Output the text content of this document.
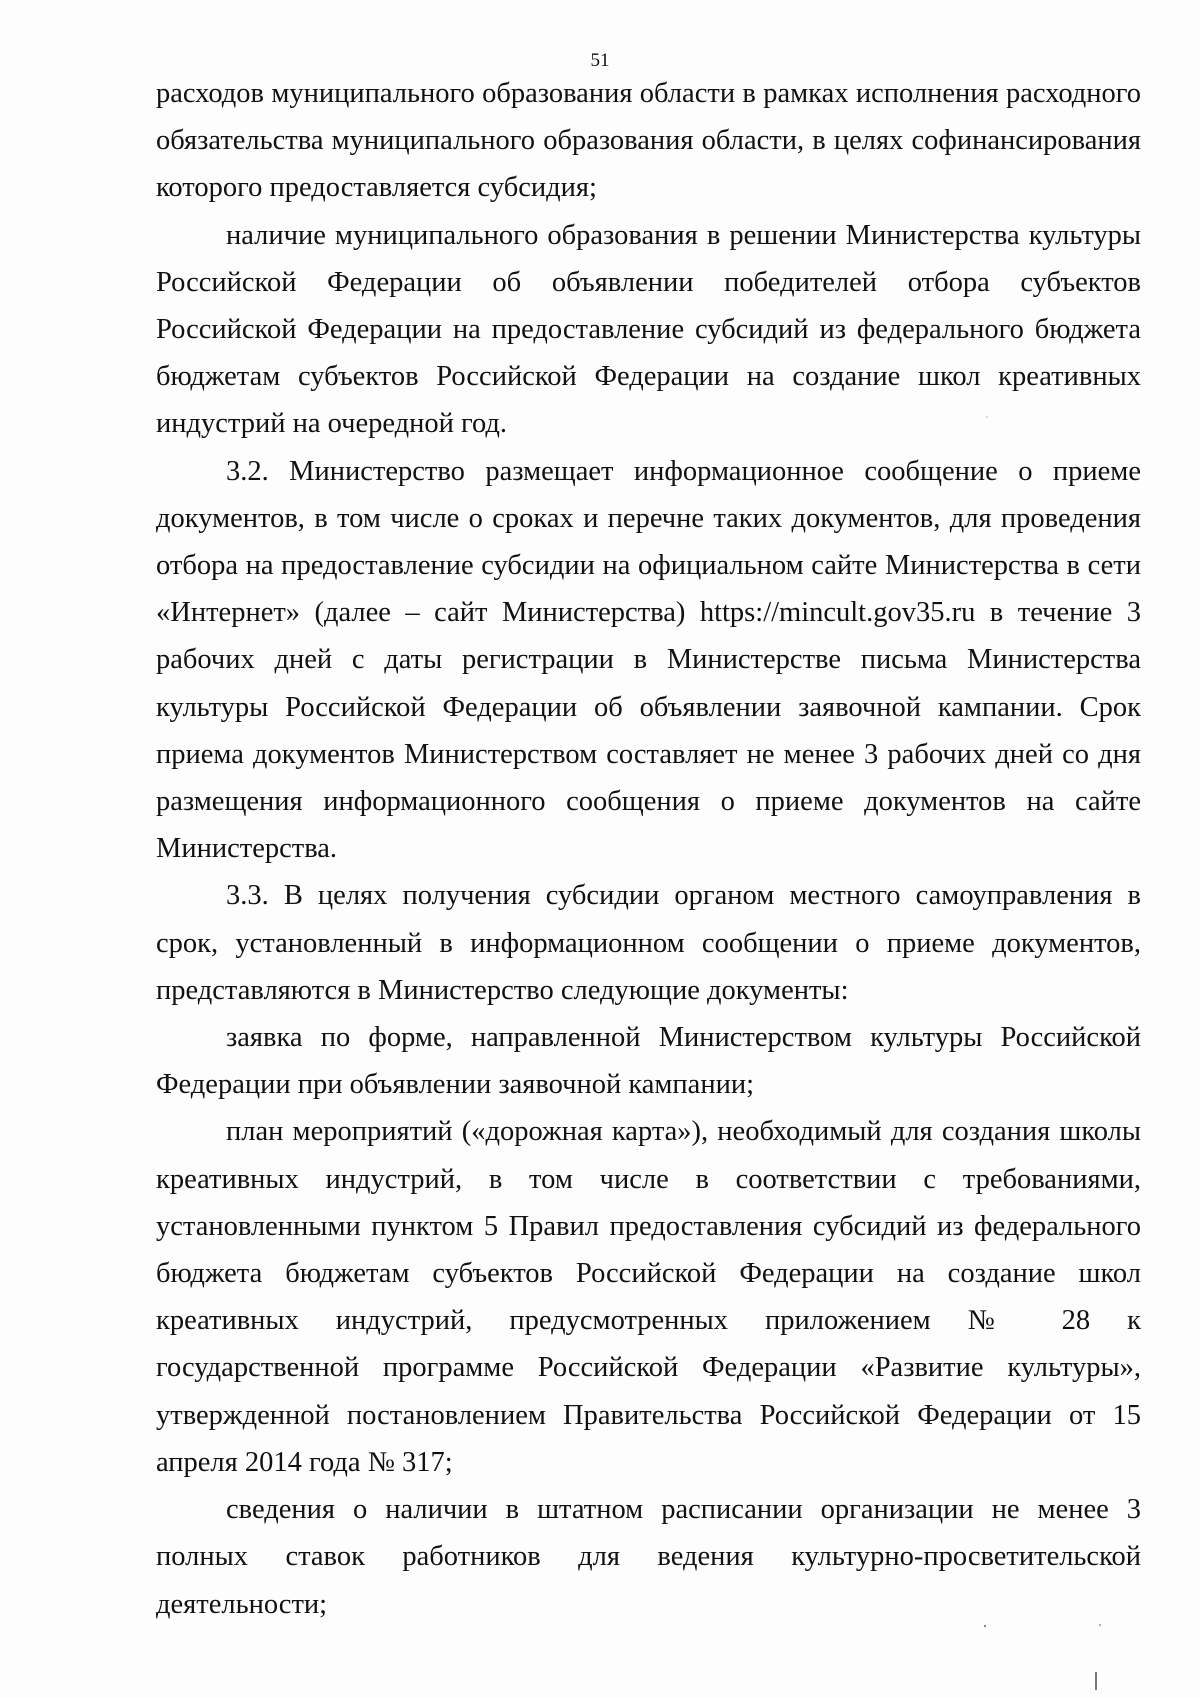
51

расходов муниципального образования области в рамках исполнения расходного обязательства муниципального образования области, в целях софинансирования которого предоставляется субсидия;

наличие муниципального образования в решении Министерства культуры Российской Федерации об объявлении победителей отбора субъектов Российской Федерации на предоставление субсидий из федерального бюджета бюджетам субъектов Российской Федерации на создание школ креативных индустрий на очередной год.

3.2. Министерство размещает информационное сообщение о приеме документов, в том числе о сроках и перечне таких документов, для проведения отбора на предоставление субсидии на официальном сайте Министерства в сети «Интернет» (далее – сайт Министерства) https://mincult.gov35.ru в течение 3 рабочих дней с даты регистрации в Министерстве письма Министерства культуры Российской Федерации об объявлении заявочной кампании. Срок приема документов Министерством составляет не менее 3 рабочих дней со дня размещения информационного сообщения о приеме документов на сайте Министерства.

3.3. В целях получения субсидии органом местного самоуправления в срок, установленный в информационном сообщении о приеме документов, представляются в Министерство следующие документы:

заявка по форме, направленной Министерством культуры Российской Федерации при объявлении заявочной кампании;

план мероприятий («дорожная карта»), необходимый для создания школы креативных индустрий, в том числе в соответствии с требованиями, установленными пунктом 5 Правил предоставления субсидий из федерального бюджета бюджетам субъектов Российской Федерации на создание школ креативных индустрий, предусмотренных приложением № 28 к государственной программе Российской Федерации «Развитие культуры», утвержденной постановлением Правительства Российской Федерации от 15 апреля 2014 года № 317;

сведения о наличии в штатном расписании организации не менее 3 полных ставок работников для ведения культурно-просветительской деятельности;
